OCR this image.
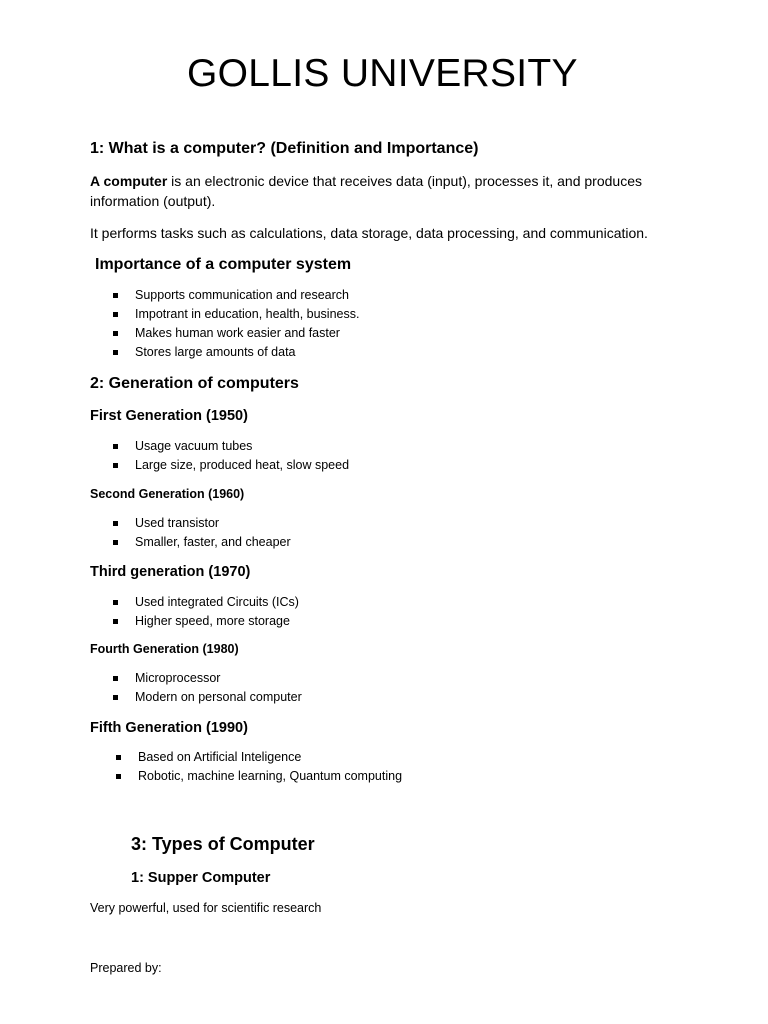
GOLLIS UNIVERSITY
1: What is a computer? (Definition and Importance)
A computer is an electronic device that receives data (input), processes it, and produces
information (output).
It performs tasks such as calculations, data storage, data processing, and communication.
Importance of a computer system
Supports communication and research
Impotrant in education, health, business.
Makes human work easier and faster
Stores large amounts of data
2: Generation of computers
First Generation (1950)
Usage vacuum tubes
Large size, produced heat, slow speed
Second Generation (1960)
Used transistor
Smaller, faster, and cheaper
Third generation (1970)
Used integrated Circuits (ICs)
Higher speed, more storage
Fourth Generation (1980)
Microprocessor
Modern on personal computer
Fifth Generation (1990)
Based on Artificial Inteligence
Robotic, machine learning, Quantum computing
3: Types of Computer
1: Supper Computer
Very powerful, used for scientific research
Prepared by:
